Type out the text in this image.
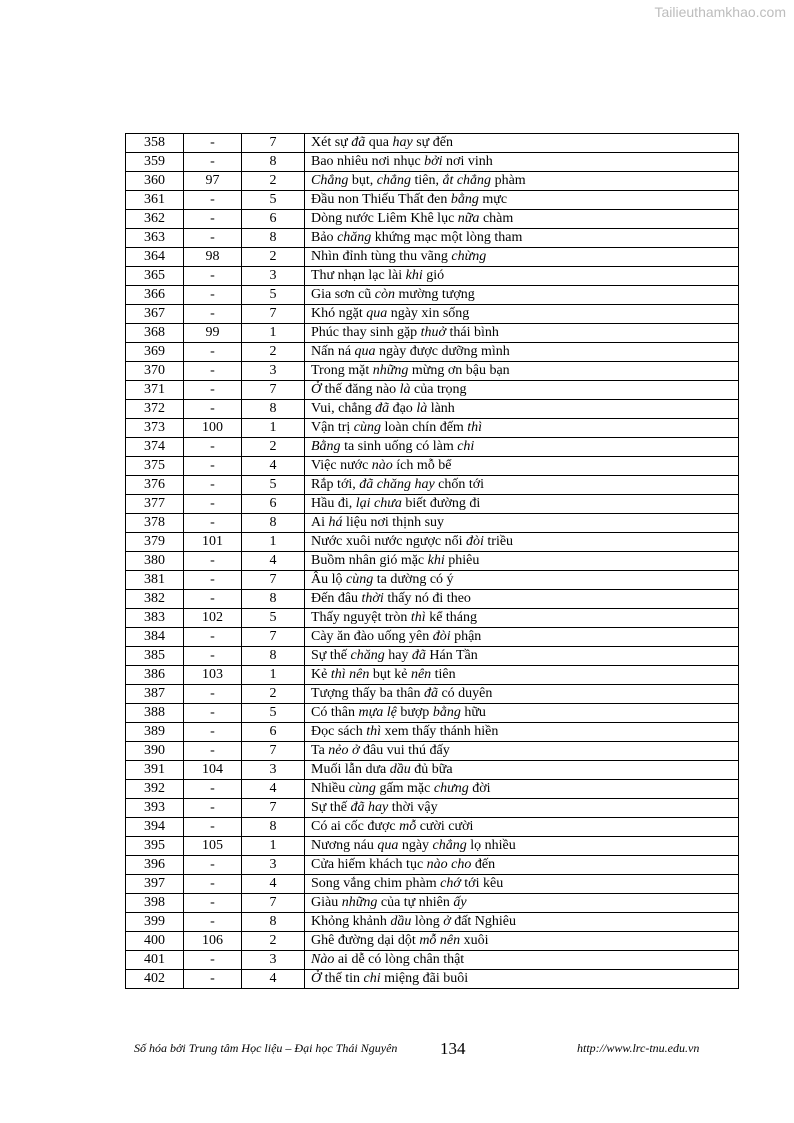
Tailieuthamkhao.com
358	-	7	Xét sự đã qua hay sự đến
359	-	8	Bao nhiêu nơi nhục bởi nơi vinh
360	97	2	Chẳng bụt, chẳng tiên, ắt chẳng phàm
361	-	5	Đầu non Thiếu Thất đen bằng mực
362	-	6	Dòng nước Liêm Khê lục nữa chàm
363	-	8	Bảo chăng khứng mạc một lòng tham
364	98	2	Nhìn đỉnh tùng thu vãng chừng
365	-	3	Thư nhạn lạc lài khi gió
366	-	5	Gia sơn cũ còn mường tượng
367	-	7	Khó ngặt qua ngày xin sống
368	99	1	Phúc thay sinh gặp thuở thái bình
369	-	2	Nấn ná qua ngày được dưỡng mình
370	-	3	Trong mặt những mừng ơn bậu bạn
371	-	7	Ở thế đăng nào là của trọng
372	-	8	Vui, chẳng đã đạo là lành
373	100	1	Vận trị cùng loàn chín đếm thì
374	-	2	Bằng ta sinh uống có làm chi
375	-	4	Việc nước nào ích mỗ bể
376	-	5	Rắp tới, đã chăng hay chốn tới
377	-	6	Hầu đi, lại chưa biết đường đi
378	-	8	Ai há liệu nơi thịnh suy
379	101	1	Nước xuôi nước ngược nổi đòi triều
380	-	4	Buồm nhân gió mặc khi phiêu
381	-	7	Âu lộ cùng ta dường có ý
382	-	8	Đến đâu thời thấy nó đi theo
383	102	5	Thấy nguyệt tròn thì kể tháng
384	-	7	Cày ăn đào uống yên đòi phận
385	-	8	Sự thế chăng hay đã Hán Tần
386	103	1	Kẻ thì nên bụt kẻ nên tiên
387	-	2	Tượng thấy ba thân đã có duyên
388	-	5	Có thân mựa lệ bượp bằng hữu
389	-	6	Đọc sách thì xem thấy thánh hiền
390	-	7	Ta nẻo ở đâu vui thú đấy
391	104	3	Muối lẫn dưa dầu đủ bữa
392	-	4	Nhiều cùng gấm mặc chưng đời
393	-	7	Sự thế đã hay thời vậy
394	-	8	Có ai cốc được mỗ cười cười
395	105	1	Nương náu qua ngày chẳng lọ nhiều
396	-	3	Cửa hiếm khách tục nào cho đến
397	-	4	Song vắng chim phàm chớ tới kêu
398	-	7	Giàu những của tự nhiên ấy
399	-	8	Khỏng khảnh dầu lòng ở đất Nghiêu
400	106	2	Ghê đường dại dột mỗ nên xuôi
401	-	3	Nào ai dễ có lòng chân thật
402	-	4	Ở thế tin chi miệng đãi buôi
Số hóa bởi Trung tâm Học liệu – Đại học Thái Nguyên	134	http://www.lrc-tnu.edu.vn
